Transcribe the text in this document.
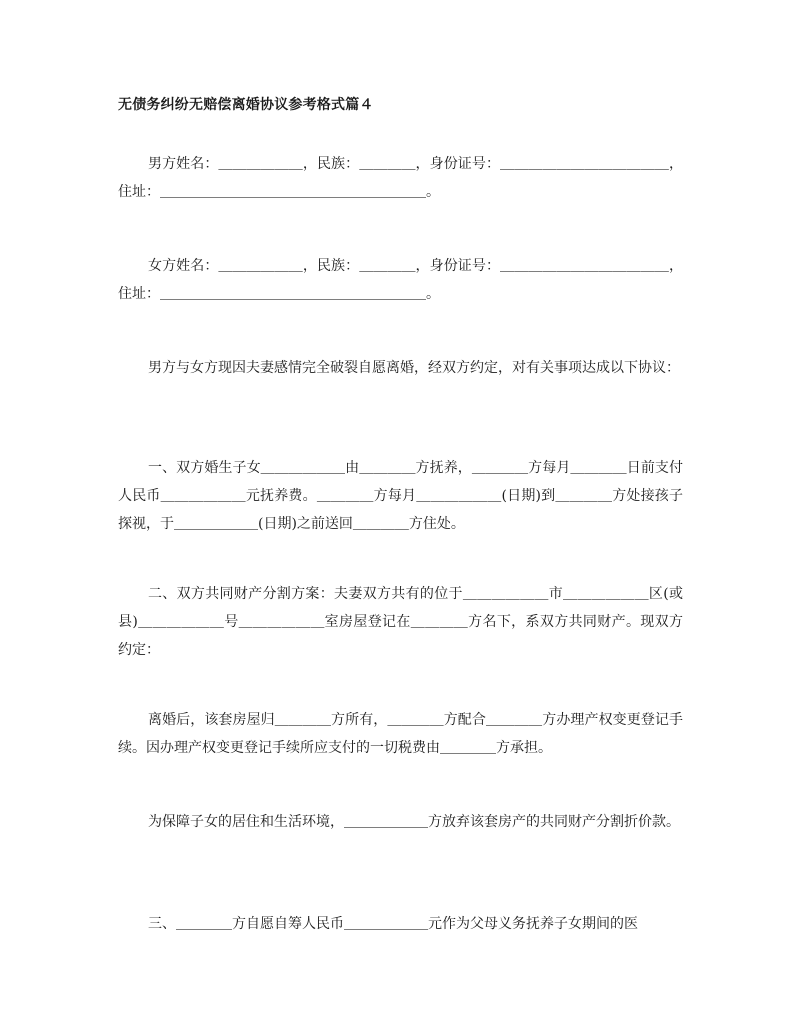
无债务纠纷无赔偿离婚协议参考格式篇４

男方姓名：＿＿＿＿＿＿，民族：＿＿＿＿，身份证号：＿＿＿＿＿＿＿＿＿＿＿＿，住址：＿＿＿＿＿＿＿＿＿＿＿＿＿＿＿＿＿＿＿。

女方姓名：＿＿＿＿＿＿，民族：＿＿＿＿，身份证号：＿＿＿＿＿＿＿＿＿＿＿＿，住址：＿＿＿＿＿＿＿＿＿＿＿＿＿＿＿＿＿＿＿。

男方与女方现因夫妻感情完全破裂自愿离婚，经双方约定，对有关事项达成以下协议：

一、双方婚生子女＿＿＿＿＿＿由＿＿＿＿方抚养，＿＿＿＿方每月＿＿＿＿日前支付人民币＿＿＿＿＿＿元抚养费。＿＿＿＿方每月＿＿＿＿＿＿(日期)到＿＿＿＿方处接孩子探视，于＿＿＿＿＿＿(日期)之前送回＿＿＿＿方住处。

二、双方共同财产分割方案：夫妻双方共有的位于＿＿＿＿＿＿市＿＿＿＿＿＿区(或县)＿＿＿＿＿＿号＿＿＿＿＿＿室房屋登记在＿＿＿＿方名下，系双方共同财产。现双方约定：

离婚后，该套房屋归＿＿＿＿方所有，＿＿＿＿方配合＿＿＿＿方办理产权变更登记手续。因办理产权变更登记手续所应支付的一切税费由＿＿＿＿方承担。

为保障子女的居住和生活环境，＿＿＿＿＿＿方放弃该套房产的共同财产分割折价款。

三、＿＿＿＿方自愿自筹人民币＿＿＿＿＿＿元作为父母义务抚养子女期间的医
